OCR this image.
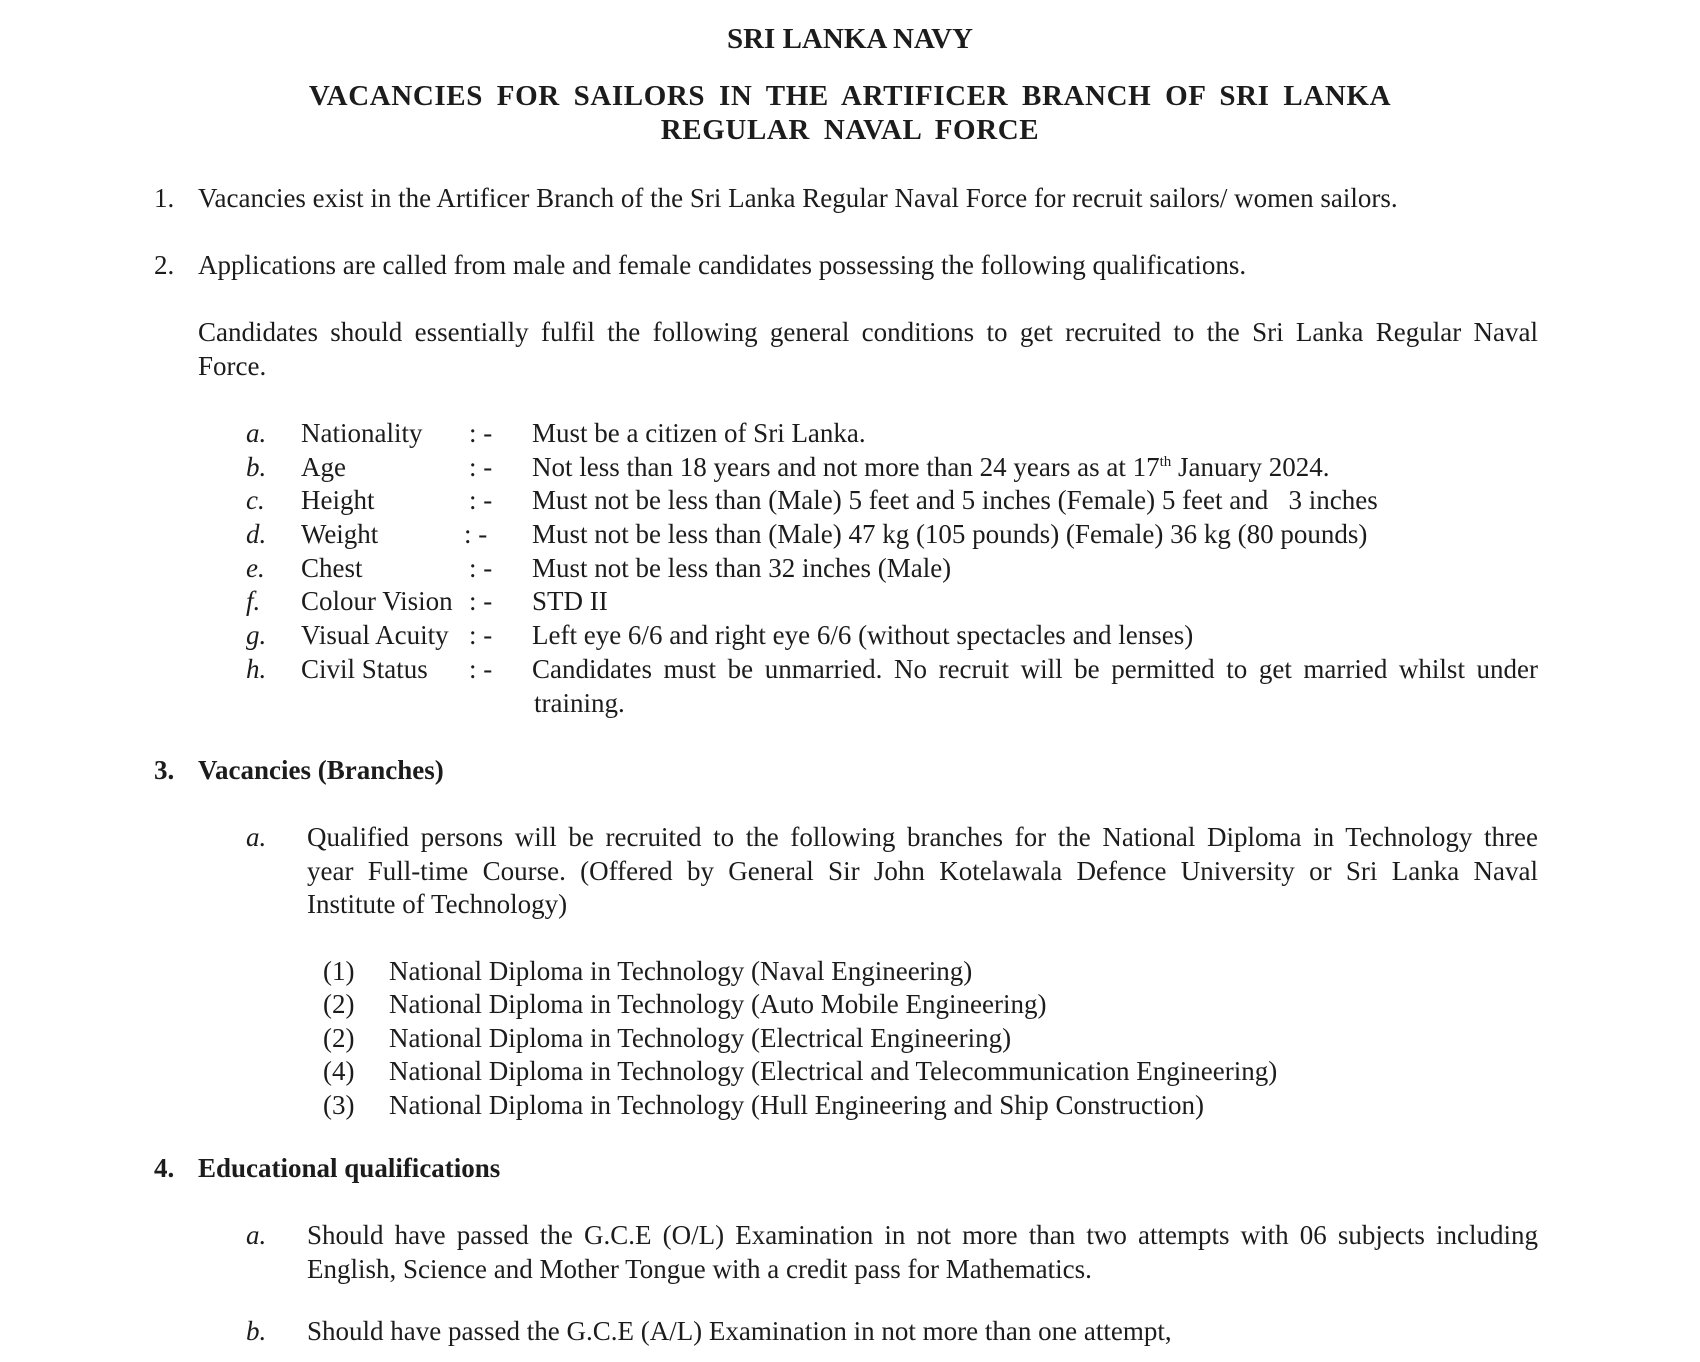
SRI LANKA NAVY
VACANCIES FOR SAILORS IN THE ARTIFICER BRANCH OF SRI LANKA
REGULAR NAVAL FORCE
1. Vacancies exist in the Artificer Branch of the Sri Lanka Regular Naval Force for recruit sailors/ women sailors.
2. Applications are called from male and female candidates possessing the following qualifications.
Candidates should essentially fulfil the following general conditions to get recruited to the Sri Lanka Regular Naval
Force.
a. Nationality : - Must be a citizen of Sri Lanka.
b. Age	: - Not less than 18 years and not more than 24 years as at 17th January 2024.
c. Height	: - Must not be less than (Male) 5 feet and 5 inches (Female) 5 feet and   3 inches
d. Weight	: - Must not be less than (Male) 47 kg (105 pounds) (Female) 36 kg (80 pounds)
e. Chest	: - Must not be less than 32 inches (Male)
f. Colour Vision : - STD II
g. Visual Acuity : - Left eye 6/6 and right eye 6/6 (without spectacles and lenses)
h. Civil Status : - Candidates must be unmarried. No recruit will be permitted to get married whilst under
training.
3. Vacancies (Branches)
a. Qualified persons will be recruited to the following branches for the National Diploma in Technology three
year Full-time Course. (Offered by General Sir John Kotelawala Defence University or Sri Lanka Naval
Institute of Technology)
(1) National Diploma in Technology (Naval Engineering)
(2) National Diploma in Technology (Auto Mobile Engineering)
(2) National Diploma in Technology (Electrical Engineering)
(4) National Diploma in Technology (Electrical and Telecommunication Engineering)
(3) National Diploma in Technology (Hull Engineering and Ship Construction)
4. Educational qualifications
a. Should have passed the G.C.E (O/L) Examination in not more than two attempts with 06 subjects including
English, Science and Mother Tongue with a credit pass for Mathematics.
b. Should have passed the G.C.E (A/L) Examination in not more than one attempt,
